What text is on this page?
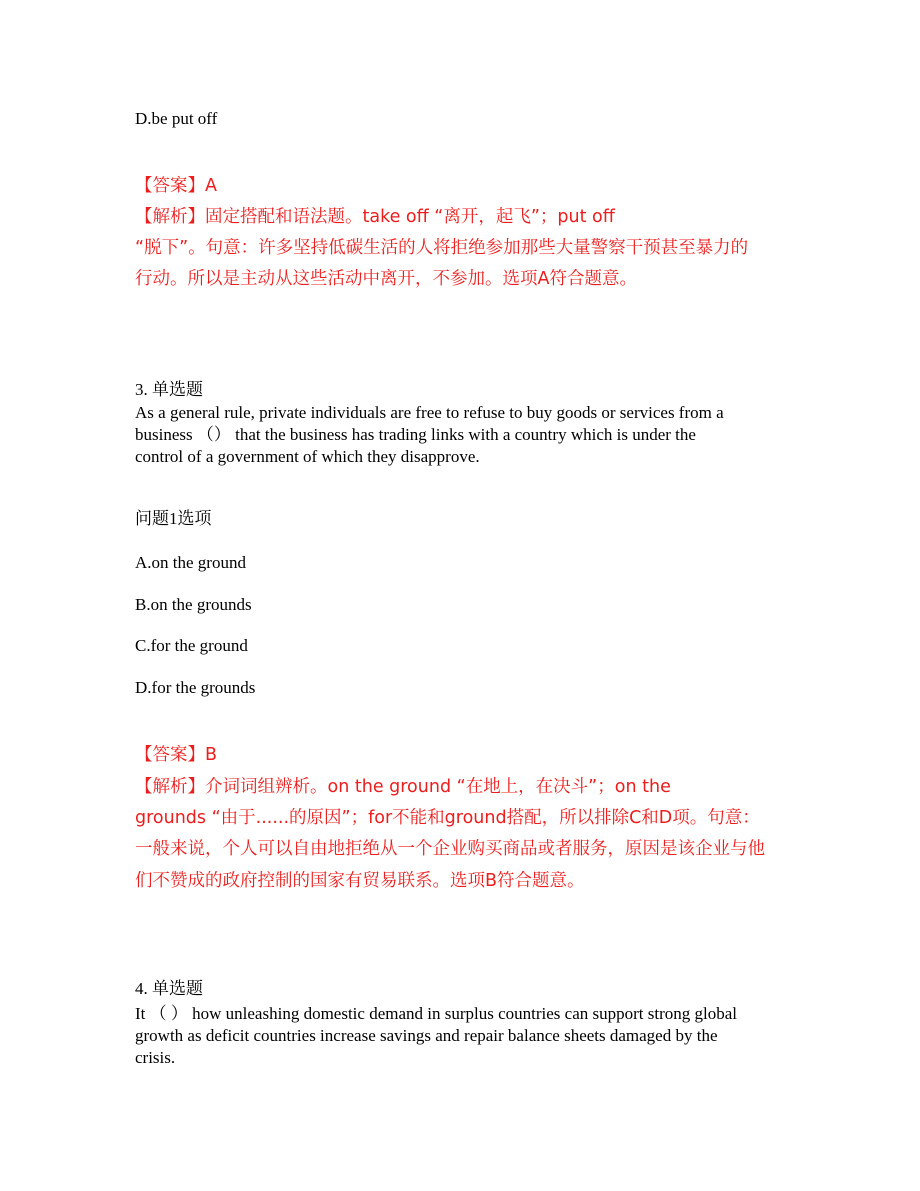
D.be put off
【答案】A
【解析】固定搭配和语法题。take off “离开，起飞”；put off
“脱下”。句意：许多坚持低碳生活的人将拒绝参加那些大量警察干预甚至暴力的
行动。所以是主动从这些活动中离开，不参加。选项A符合题意。
3. 单选题
As a general rule, private individuals are free to refuse to buy goods or services from a
business （） that the business has trading links with a country which is under the
control of a government of which they disapprove.
问题1选项
A.on the ground
B.on the grounds
C.for the ground
D.for the grounds
【答案】B
【解析】介词词组辨析。on the ground “在地上，在决斗”；on the
grounds “由于......的原因”；for不能和ground搭配，所以排除C和D项。句意：
一般来说，个人可以自由地拒绝从一个企业购买商品或者服务，原因是该企业与他
们不赞成的政府控制的国家有贸易联系。选项B符合题意。
4. 单选题
It （ ） how unleashing domestic demand in surplus countries can support strong global
growth as deficit countries increase savings and repair balance sheets damaged by the
crisis.
